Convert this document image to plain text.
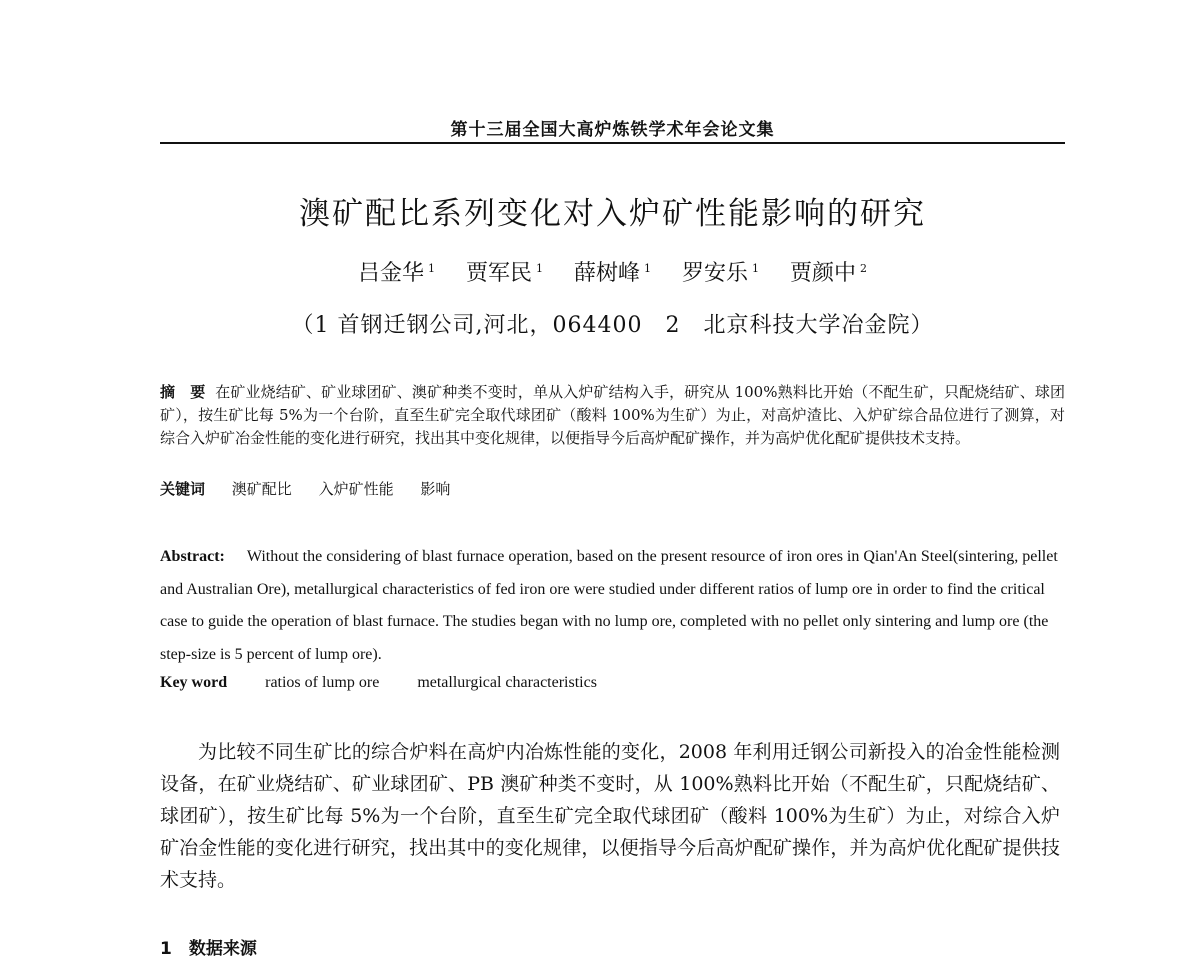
第十三届全国大高炉炼铁学术年会论文集
澳矿配比系列变化对入炉矿性能影响的研究
吕金华 $^1$ 贾军民 $^1$ 薛树峰 $^1$ 罗安乐 $^1$ 贾颜中 $^2$
（1 首钢迁钢公司,河北，064400　2　北京科技大学冶金院）
摘　要 在矿业烧结矿、矿业球团矿、澳矿种类不变时，单从入炉矿结构入手，研究从 100%熟料比开始（不配生矿，只配烧结矿、球团矿），按生矿比每 5%为一个台阶，直至生矿完全取代球团矿（酸料 100%为生矿）为止，对高炉渣比、入炉矿综合品位进行了测算，对综合入炉矿冶金性能的变化进行研究，找出其中变化规律，以便指导今后高炉配矿操作，并为高炉优化配矿提供技术支持。
关键词 澳矿配比 入炉矿性能 影响
Abstract: Without the considering of blast furnace operation, based on the present resource of iron ores in Qian'An Steel(sintering, pellet and Australian Ore), metallurgical characteristics of fed iron ore were studied under different ratios of lump ore in order to find the critical case to guide the operation of blast furnace. The studies began with no lump ore, completed with no pellet only sintering and lump ore (the step-size is 5 percent of lump ore).
Key word ratios of lump ore metallurgical characteristics
为比较不同生矿比的综合炉料在高炉内冶炼性能的变化，2008 年利用迁钢公司新投入的冶金性能检测设备，在矿业烧结矿、矿业球团矿、PB 澳矿种类不变时，从 100%熟料比开始（不配生矿，只配烧结矿、球团矿），按生矿比每 5%为一个台阶，直至生矿完全取代球团矿（酸料 100%为生矿）为止，对综合入炉矿冶金性能的变化进行研究，找出其中的变化规律，以便指导今后高炉配矿操作，并为高炉优化配矿提供技术支持。
1　数据来源
